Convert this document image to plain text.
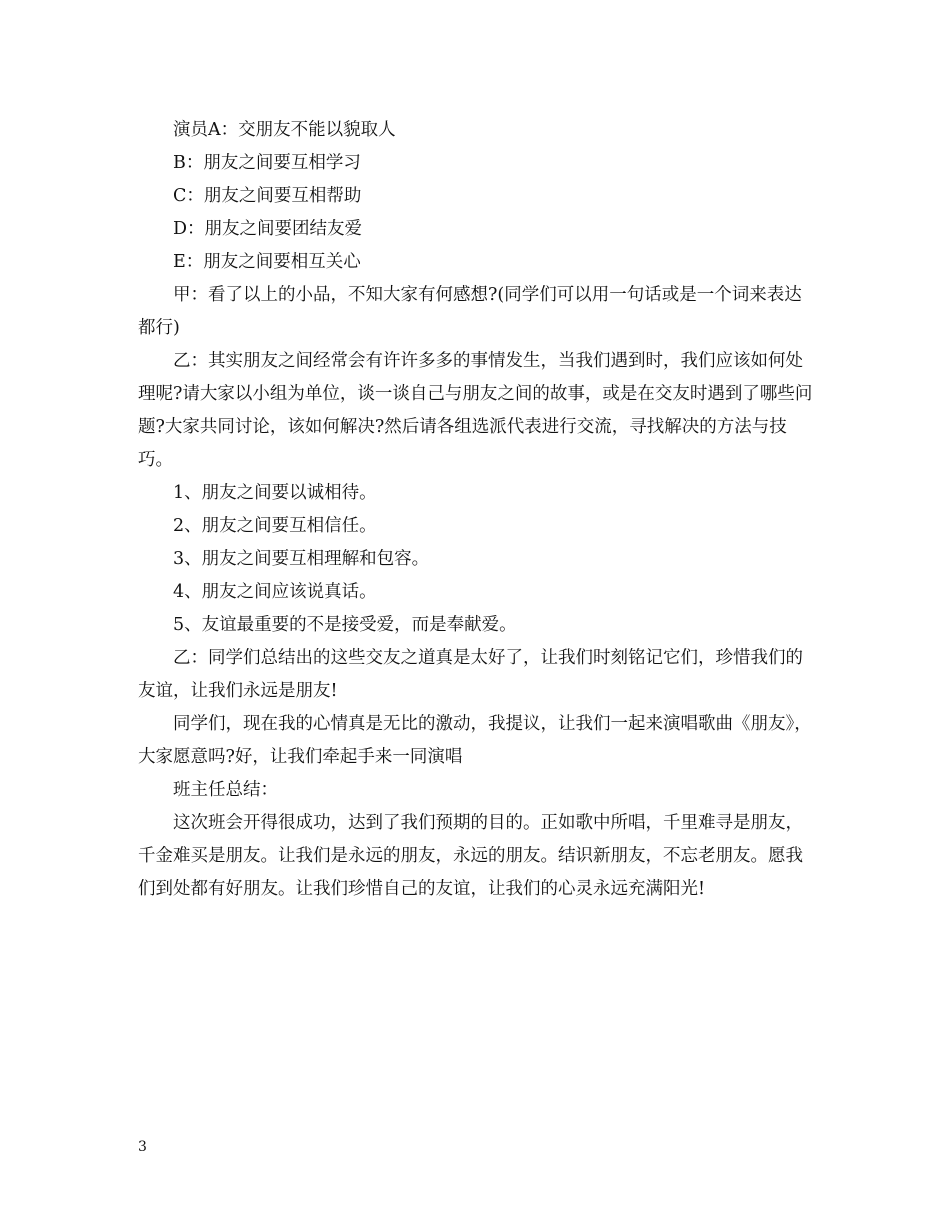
演员A：交朋友不能以貌取人

B：朋友之间要互相学习

C：朋友之间要互相帮助

D：朋友之间要团结友爱

E：朋友之间要相互关心

甲：看了以上的小品，不知大家有何感想?(同学们可以用一句话或是一个词来表达都行)

乙：其实朋友之间经常会有许许多多的事情发生，当我们遇到时，我们应该如何处理呢?请大家以小组为单位，谈一谈自己与朋友之间的故事，或是在交友时遇到了哪些问题?大家共同讨论，该如何解决?然后请各组选派代表进行交流，寻找解决的方法与技巧。

1、朋友之间要以诚相待。

2、朋友之间要互相信任。

3、朋友之间要互相理解和包容。

4、朋友之间应该说真话。

5、友谊最重要的不是接受爱，而是奉献爱。

乙：同学们总结出的这些交友之道真是太好了，让我们时刻铭记它们，珍惜我们的友谊，让我们永远是朋友!

同学们，现在我的心情真是无比的激动，我提议，让我们一起来演唱歌曲《朋友》，大家愿意吗?好，让我们牵起手来一同演唱

班主任总结：

这次班会开得很成功，达到了我们预期的目的。正如歌中所唱，千里难寻是朋友，千金难买是朋友。让我们是永远的朋友，永远的朋友。结识新朋友，不忘老朋友。愿我们到处都有好朋友。让我们珍惜自己的友谊，让我们的心灵永远充满阳光!

3
